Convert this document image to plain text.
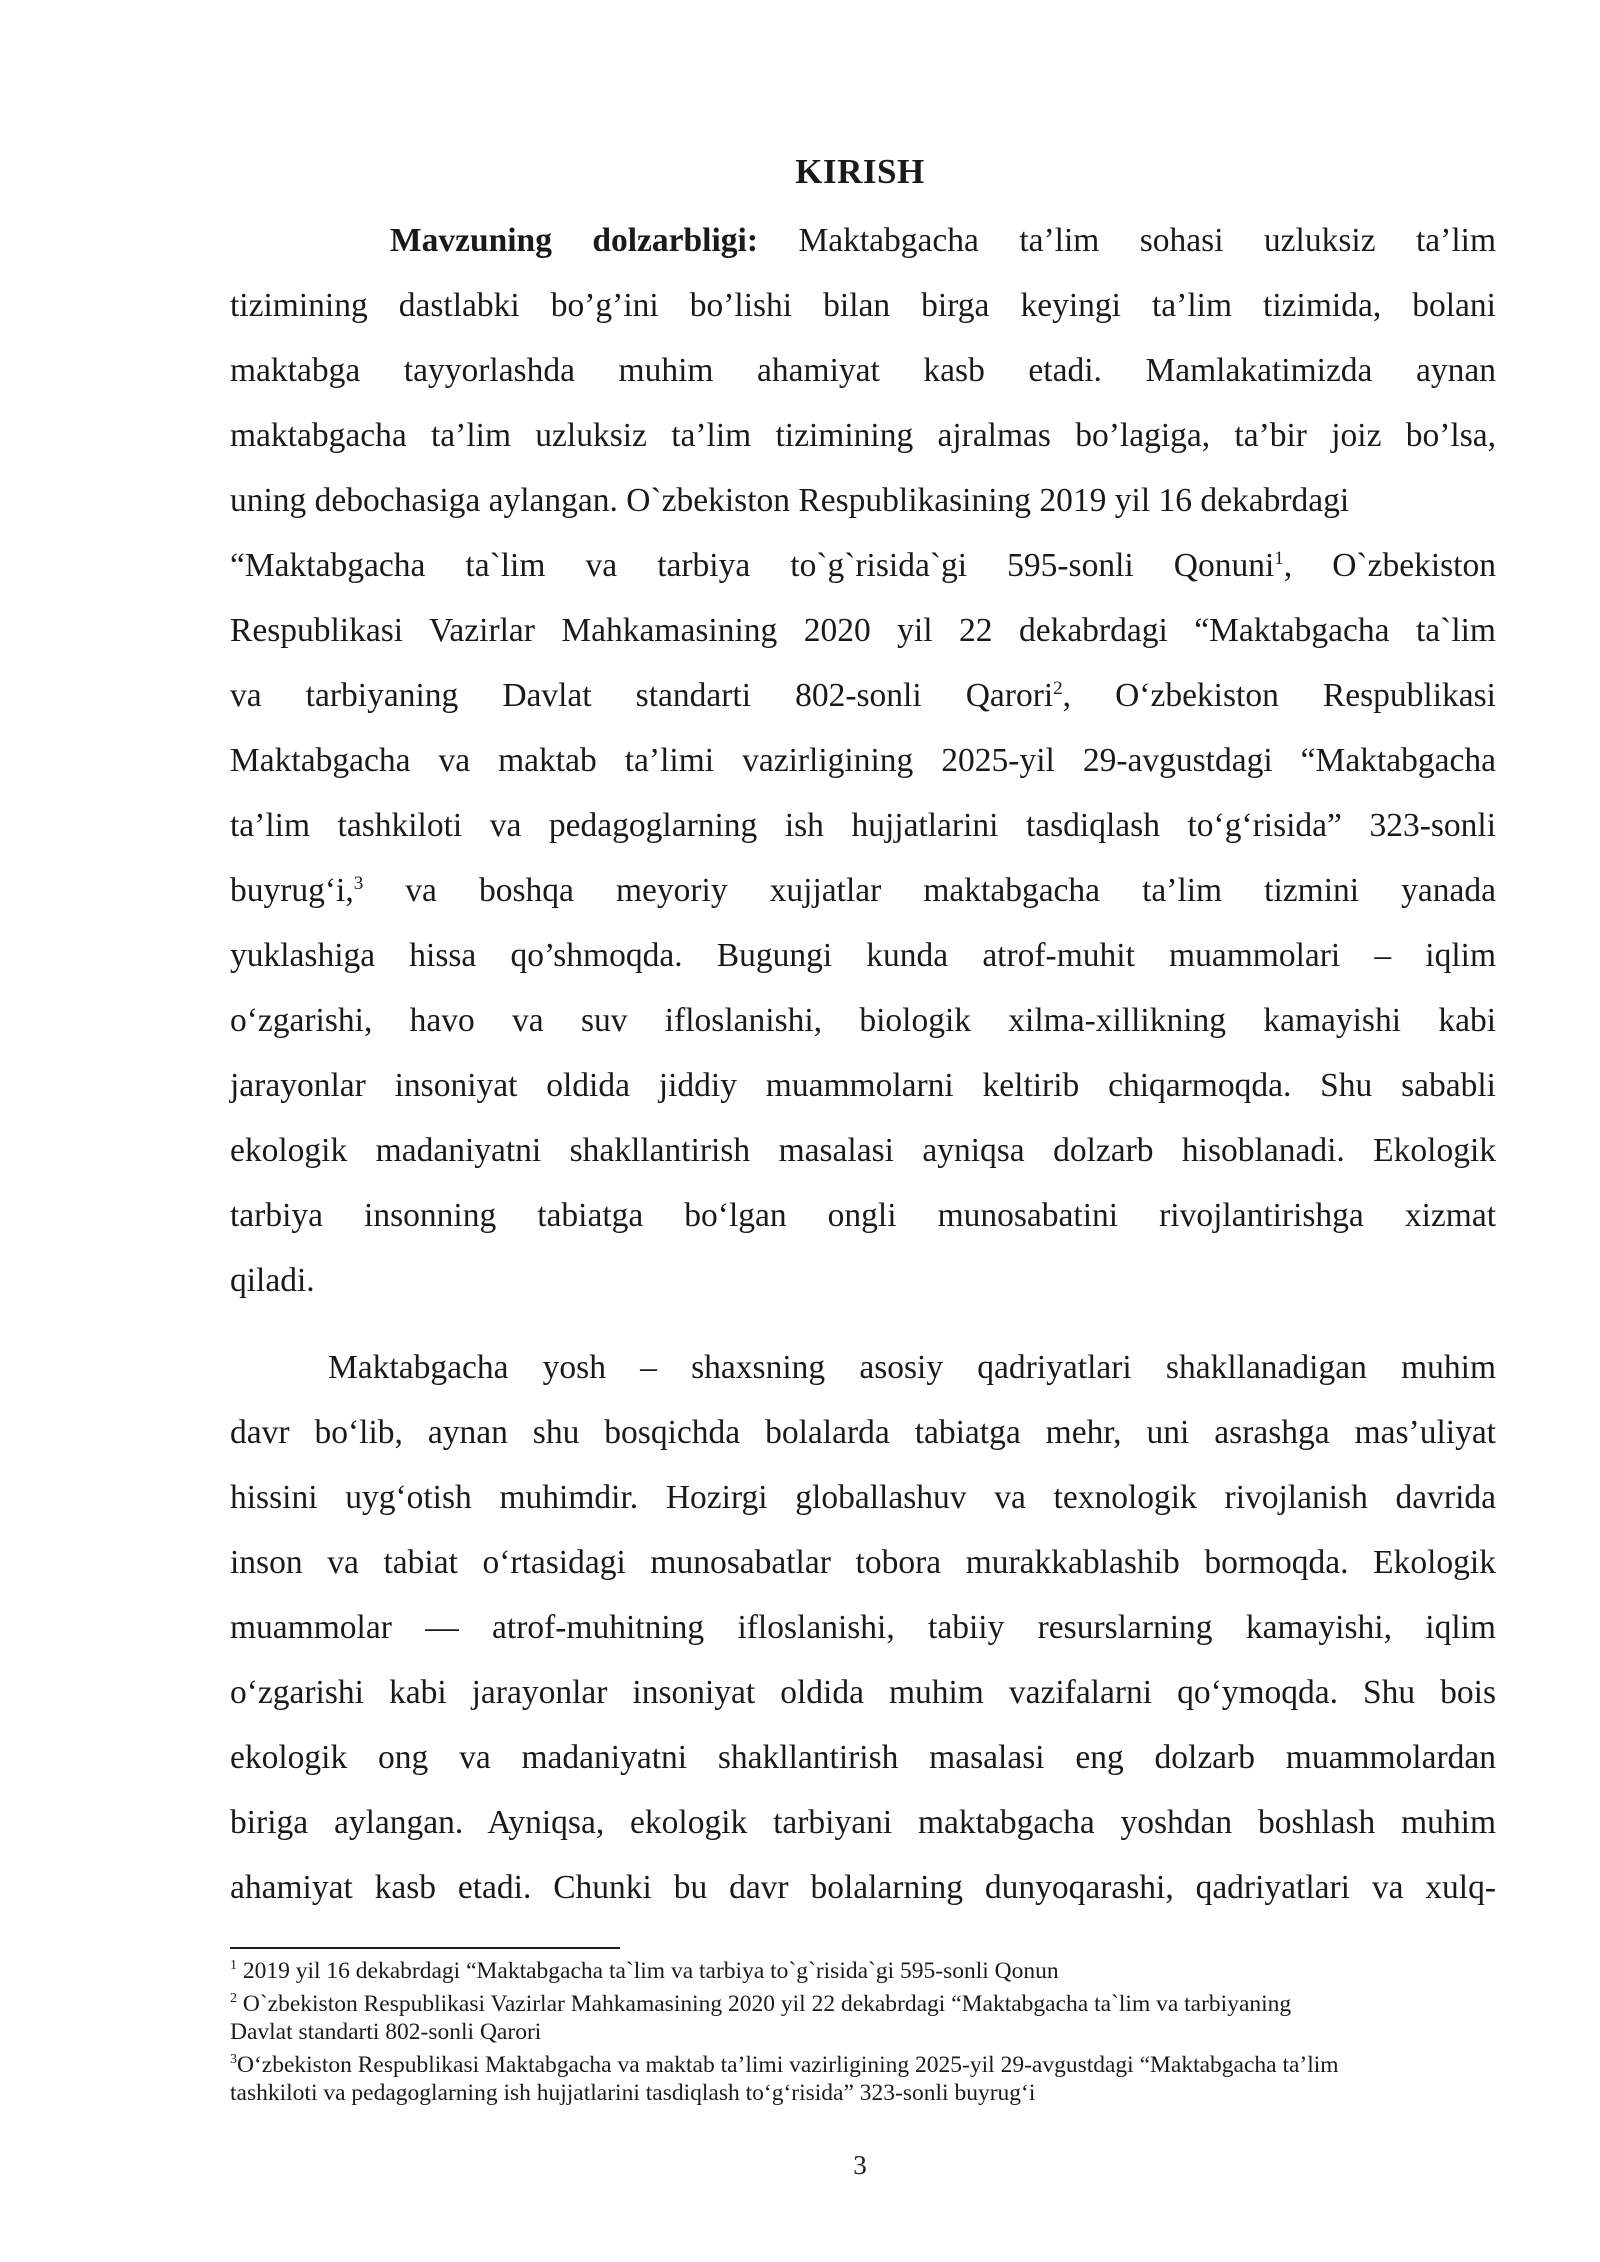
KIRISH
Mavzuning dolzarbligi: Maktabgacha ta’lim sohasi uzluksiz ta’lim
tizimining dastlabki bo’g’ini bo’lishi bilan birga keyingi ta’lim tizimida, bolani
maktabga tayyorlashda muhim ahamiyat kasb etadi. Mamlakatimizda aynan
maktabgacha ta’lim uzluksiz ta’lim tizimining ajralmas bo’lagiga, ta’bir joiz bo’lsa,
uning debochasiga aylangan. O`zbekiston Respublikasining 2019 yil 16 dekabrdagi
“Maktabgacha ta`lim va tarbiya to`g`risida`gi 595-sonli Qonuni$^1$, O`zbekiston
Respublikasi Vazirlar Mahkamasining 2020 yil 22 dekabrdagi “Maktabgacha ta`lim
va tarbiyaning Davlat standarti 802-sonli Qarori$^2$, O‘zbekiston Respublikasi
Maktabgacha va maktab ta’limi vazirligining 2025-yil 29-avgustdagi “Maktabgacha
ta’lim tashkiloti va pedagoglarning ish hujjatlarini tasdiqlash to‘g‘risida” 323-sonli
buyrug‘i,$^3$ va boshqa meyoriy xujjatlar maktabgacha ta’lim tizmini yanada
yuklashiga hissa qo’shmoqda. Bugungi kunda atrof-muhit muammolari – iqlim
o‘zgarishi, havo va suv ifloslanishi, biologik xilma-xillikning kamayishi kabi
jarayonlar insoniyat oldida jiddiy muammolarni keltirib chiqarmoqda. Shu sababli
ekologik madaniyatni shakllantirish masalasi ayniqsa dolzarb hisoblanadi. Ekologik
tarbiya insonning tabiatga bo‘lgan ongli munosabatini rivojlantirishga xizmat
qiladi.
Maktabgacha yosh – shaxsning asosiy qadriyatlari shakllanadigan muhim
davr bo‘lib, aynan shu bosqichda bolalarda tabiatga mehr, uni asrashga mas’uliyat
hissini uyg‘otish muhimdir. Hozirgi globallashuv va texnologik rivojlanish davrida
inson va tabiat o‘rtasidagi munosabatlar tobora murakkablashib bormoqda. Ekologik
muammolar — atrof-muhitning ifloslanishi, tabiiy resurslarning kamayishi, iqlim
o‘zgarishi kabi jarayonlar insoniyat oldida muhim vazifalarni qo‘ymoqda. Shu bois
ekologik ong va madaniyatni shakllantirish masalasi eng dolzarb muammolardan
biriga aylangan. Ayniqsa, ekologik tarbiyani maktabgacha yoshdan boshlash muhim
ahamiyat kasb etadi. Chunki bu davr bolalarning dunyoqarashi, qadriyatlari va xulq-
$^1$ 2019 yil 16 dekabrdagi “Maktabgacha ta`lim va tarbiya to`g`risida`gi 595-sonli Qonun
$^2$ O`zbekiston Respublikasi Vazirlar Mahkamasining 2020 yil 22 dekabrdagi “Maktabgacha ta`lim va tarbiyaning
Davlat standarti 802-sonli Qarori
$^3$O‘zbekiston Respublikasi Maktabgacha va maktab ta’limi vazirligining 2025-yil 29-avgustdagi “Maktabgacha ta’lim
tashkiloti va pedagoglarning ish hujjatlarini tasdiqlash to‘g‘risida” 323-sonli buyrug‘i
3
